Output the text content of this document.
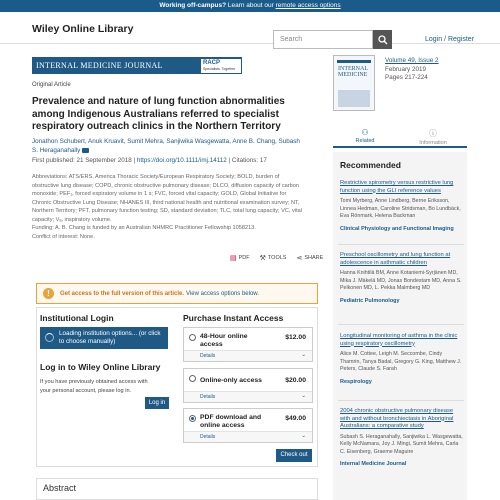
Working off-campus? Learn about our remote access options
Wiley Online Library
Search	Login / Register
INTERNAL MEDICINE JOURNAL	RACP
Specialists. Together
Original Article
Prevalence and nature of lung function abnormalities among Indigenous Australians referred to specialist respiratory outreach clinics in the Northern Territory
Jonathon Schubert, Anuk Kruavit, Sumit Mehra, Sanjiwika Wasgewatta, Anne B. Chang, Subash S. Heraganahally
First published: 21 September 2018 | https://doi.org/10.1111/imj.14112 | Citations: 17
Abbreviations: ATS/ERS, America Thoracic Society/European Respiratory Society; BOLD, burden of obstructive lung disease; COPD, chronic obstructive pulmonary disease; DLCO, diffusion capacity of carbon monoxide; PEF₁, forced expiratory volume in 1 s; FVC, forced vital capacity; GOLD, Global Initiative for Chronic Obstructive Lung Disease; NHANES III, third national health and nutritional examination survey; NT, Northern Territory; PFT, pulmonary function testing; SD, standard deviation; TLC, total lung capacity; VC, vital capacity; Vₐ, inspiratory volume.
Funding: A. B. Chang is funded by an Australian NHMRC Practitioner Fellowship 1058213.
Conflict of interest: None.
▤ PDF ⚒ TOOLS ⋖ SHARE
!	Get access to the full version of this article. View access options below.
Institutional Login
Loading institution options... (or click to choose manually)
Log in to Wiley Online Library
If you have previously obtained access with your personal account, please log in.
Log in
Purchase Instant Access
48-Hour online access
$12.00
Details	⌄
Online-only access	$20.00
Details	⌄
PDF download and online access
$49.00
Details	⌄
Check out
Abstract
INTERNAL MEDICINE
Volume 49, Issue 2
February 2019
Pages 217-224
⚇
Related
ⓘ
Information
Recommended
Restrictive spirometry versus restrictive lung function using the GLI reference values
Tomi Myrberg, Anne Lindberg, Berne Eriksson, Linnea Hedman, Caroline Stridsman, Bo Lundbäck, Eva Rönmark, Helena Backman
Clinical Physiology and Functional Imaging
Preschool oscillometry and lung function at adolescence in asthmatic children
Hanna Knihtilä BM, Anne Kotaniemi-Syrjänen MD, Mika J. Mäkelä MD, Jonas Bondestam MD, Anna S. Pelkonen MD, L. Pekka Malmberg MD
Pediatric Pulmonology
Longitudinal monitoring of asthma in the clinic using respiratory oscillometry
Alice M. Cottee, Leigh M. Seccombe, Cindy Thamrin, Tanya Badal, Gregory G. King, Matthew J. Peters, Claude S. Farah
Respirology
2004 chronic obstructive pulmonary disease with and without bronchiectasis in Aboriginal Australians: a comparative study
Subash S. Heraganahally, Sanjiwika L. Wasgewatta, Kelly McNamara, Joy J. Mingi, Sumit Mehra, Carla C. Eisenberg, Graeme Maguire
Internal Medicine Journal
